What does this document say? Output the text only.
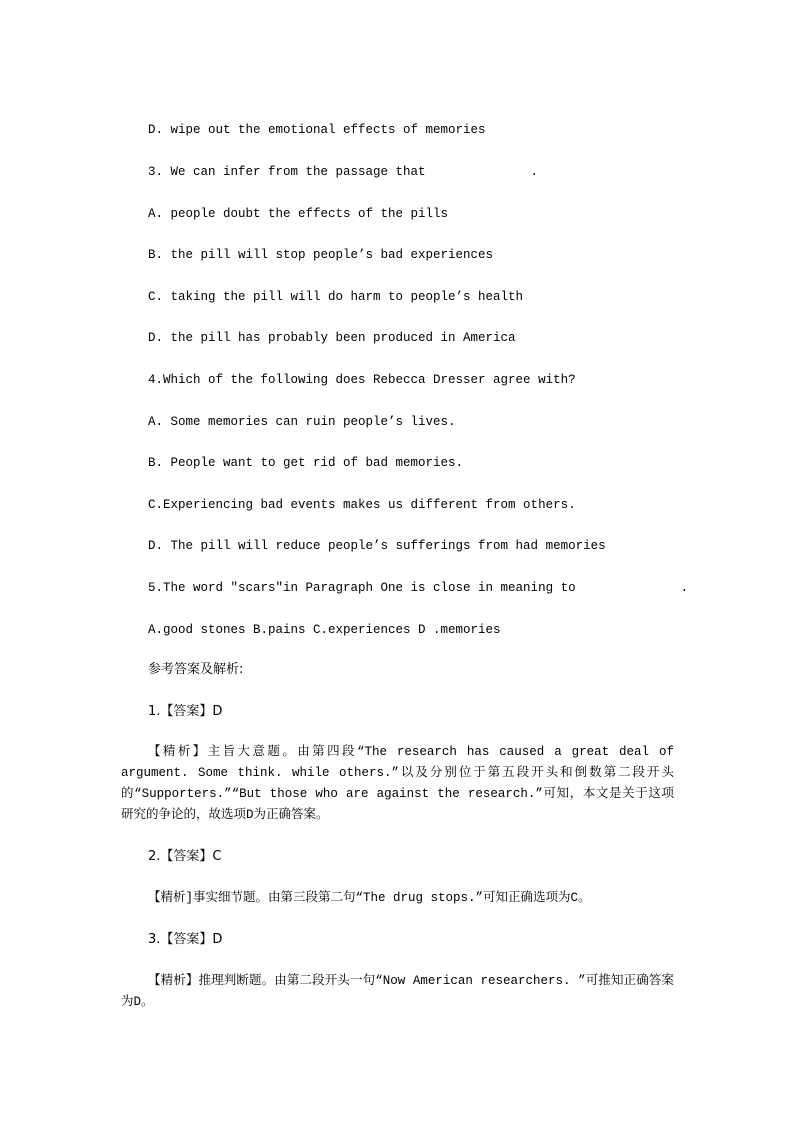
D. wipe out the emotional effects of memories
3. We can infer from the passage that              .
A. people doubt the effects of the pills
B. the pill will stop people’s bad experiences
C. taking the pill will do harm to people’s health
D. the pill has probably been produced in America
4.Which of the following does Rebecca Dresser agree with?
A. Some memories can ruin people’s lives.
B. People want to get rid of bad memories.
C.Experiencing bad events makes us different from others.
D. The pill will reduce people’s sufferings from had memories
5.The word "scars"in Paragraph One is close in meaning to              .
A.good stones B.pains C.experiences D .memories
参考答案及解析:
1.【答案】D
【精析】主旨大意题。由第四段“The research has caused a great deal of argument. Some think. while others.”以及分别位于第五段开头和倒数第二段开头的“Supporters.”“But those who are against the research.”可知，本文是关于这项研究的争论的，故选项D为正确答案。
2.【答案】C
【精析]事实细节题。由第三段第二句“The drug stops.”可知正确选项为C。
3.【答案】D
【精析】推理判断题。由第二段开头一句“Now American researchers. ”可推知正确答案为D。
